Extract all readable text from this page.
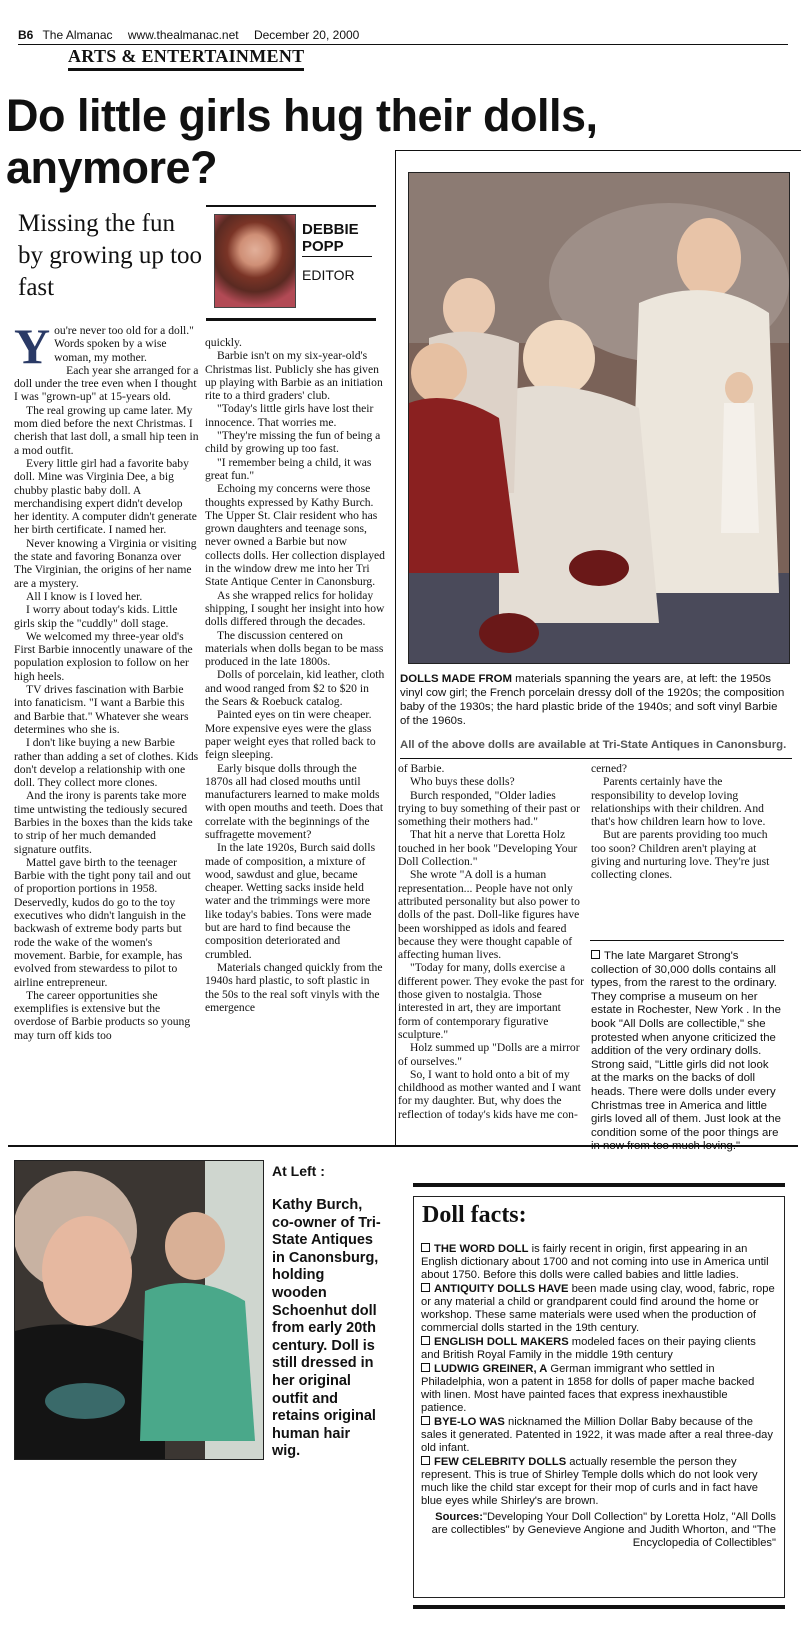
B6 The Almanac www.thealmanac.net December 20, 2000
ARTS & ENTERTAINMENT
Do little girls hug their dolls, anymore?
Missing the fun by growing up too fast
DEBBIE POPP
EDITOR

You're never too old for a doll." Words spoken by a wise woman, my mother.

Each year she arranged for a doll under the tree even when I thought I was "grown-up" at 15-years old.

The real growing up came later. My mom died before the next Christmas. I cherish that last doll, a small hip teen in a mod outfit.

Every little girl had a favorite baby doll. Mine was Virginia Dee, a big chubby plastic baby doll. A merchandising expert didn't develop her identity. A computer didn't generate her birth certificate. I named her.

Never knowing a Virginia or visiting the state and favoring Bonanza over The Virginian, the origins of her name are a mystery.

All I know is I loved her.

I worry about today's kids. Little girls skip the "cuddly" doll stage.

We welcomed my three-year old's First Barbie innocently unaware of the population explosion to follow on her high heels.

TV drives fascination with Barbie into fanaticism. "I want a Barbie this and Barbie that." Whatever she wears determines who she is.

I don't like buying a new Barbie rather than adding a set of clothes. Kids don't develop a relationship with one doll. They collect more clones.

And the irony is parents take more time untwisting the tediously secured Barbies in the boxes than the kids take to strip of her much demanded signature outfits.

Mattel gave birth to the teenager Barbie with the tight pony tail and out of proportion portions in 1958. Deservedly, kudos do go to the toy executives who didn't languish in the backwash of extreme body parts but rode the wake of the women's movement. Barbie, for example, has evolved from stewardess to pilot to airline entrepreneur.

The career opportunities she exemplifies is extensive but the overdose of Barbie products so young may turn off kids too

quickly.

Barbie isn't on my six-year-old's Christmas list. Publicly she has given up playing with Barbie as an initiation rite to a third graders' club.

"Today's little girls have lost their innocence. That worries me.

"They're missing the fun of being a child by growing up too fast.

"I remember being a child, it was great fun."

Echoing my concerns were those thoughts expressed by Kathy Burch. The Upper St. Clair resident who has grown daughters and teenage sons, never owned a Barbie but now collects dolls. Her collection displayed in the window drew me into her Tri State Antique Center in Canonsburg.

As she wrapped relics for holiday shipping, I sought her insight into how dolls differed through the decades.

The discussion centered on materials when dolls began to be mass produced in the late 1800s.

Dolls of porcelain, kid leather, cloth and wood ranged from $2 to $20 in the Sears & Roebuck catalog.

Painted eyes on tin were cheaper. More expensive eyes were the glass paper weight eyes that rolled back to feign sleeping.

Early bisque dolls through the 1870s all had closed mouths until manufacturers learned to make molds with open mouths and teeth. Does that correlate with the beginnings of the suffragette movement?

In the late 1920s, Burch said dolls made of composition, a mixture of wood, sawdust and glue, became cheaper. Wetting sacks inside held water and the trimmings were more like today's babies. Tons were made but are hard to find because the composition deteriorated and crumbled.

Materials changed quickly from the 1940s hard plastic, to soft plastic in the 50s to the real soft vinyls with the emergence

DOLLS MADE FROM materials spanning the years are, at left: the 1950s vinyl cow girl; the French porcelain dressy doll of the 1920s; the composition baby of the 1930s; the hard plastic bride of the 1940s; and soft vinyl Barbie of the 1960s.
All of the above dolls are available at Tri-State Antiques in Canonsburg.

of Barbie.

Who buys these dolls?

Burch responded, "Older ladies trying to buy something of their past or something their mothers had."

That hit a nerve that Loretta Holz touched in her book "Developing Your Doll Collection."

She wrote "A doll is a human representation... People have not only attributed personality but also power to dolls of the past. Doll-like figures have been worshipped as idols and feared because they were thought capable of affecting human lives.

"Today for many, dolls exercise a different power. They evoke the past for those given to nostalgia. Those interested in art, they are important form of contemporary figurative sculpture."

Holz summed up "Dolls are a mirror of ourselves."

So, I want to hold onto a bit of my childhood as mother wanted and I want for my daughter. But, why does the reflection of today's kids have me con-

cerned?

Parents certainly have the responsibility to develop loving relationships with their children. And that's how children learn how to love.

But are parents providing too much too soon? Children aren't playing at giving and nurturing love. They're just collecting clones.

The late Margaret Strong's collection of 30,000 dolls contains all types, from the rarest to the ordinary. They comprise a museum on her estate in Rochester, New York . In the book "All Dolls are collectible," she protested when anyone criticized the addition of the very ordinary dolls. Strong said, "Little girls did not look at the marks on the backs of doll heads. There were dolls under every Christmas tree in America and little girls loved all of them. Just look at the condition some of the poor things are in now from too much loving."
At Left :
Kathy Burch, co-owner of Tri-State Antiques in Canonsburg, holding wooden Schoenhut doll from early 20th century. Doll is still dressed in her original outfit and retains original human hair wig.
Doll facts:

THE WORD DOLL is fairly recent in origin, first appearing in an English dictionary about 1700 and not coming into use in America until about 1750. Before this dolls were called babies and little ladies.

ANTIQUITY DOLLS HAVE been made using clay, wood, fabric, rope or any material a child or grandparent could find around the home or workshop. These same materials were used when the production of commercial dolls started in the 19th century.

ENGLISH DOLL MAKERS modeled faces on their paying clients and British Royal Family in the middle 19th century

LUDWIG GREINER, A German immigrant who settled in Philadelphia, won a patent in 1858 for dolls of paper mache backed with linen. Most have painted faces that express inexhaustible patience.

BYE-LO WAS nicknamed the Million Dollar Baby because of the sales it generated. Patented in 1922, it was made after a real three-day old infant.

FEW CELEBRITY DOLLS actually resemble the person they represent. This is true of Shirley Temple dolls which do not look very much like the child star except for their mop of curls and in fact have blue eyes while Shirley's are brown.

Sources:"Developing Your Doll Collection" by Loretta Holz, "All Dolls are collectibles" by Genevieve Angione and Judith Whorton, and "The Encyclopedia of Collectibles"
